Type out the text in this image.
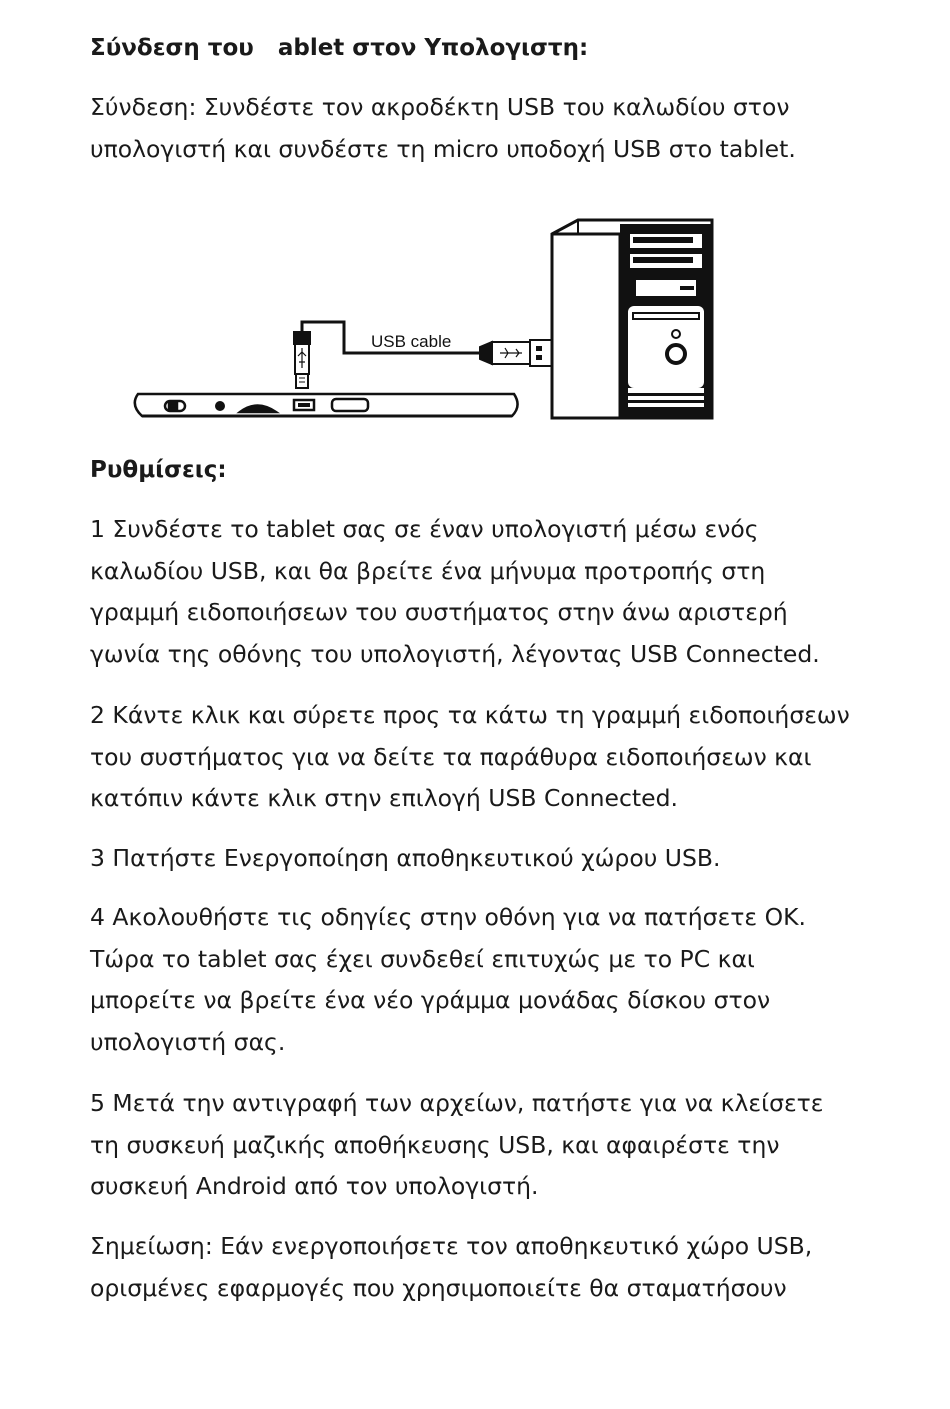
Σύνδεση του   ablet στον Υπολογιστη:

Σύνδεση: Συνδέστε τον ακροδέκτη USB του καλωδίου στον
υπολογιστή και συνδέστε τη micro υποδοχή USB στο tablet.

Ρυθμίσεις:

1 Συνδέστε το tablet σας σε έναν υπολογιστή μέσω ενός
καλωδίου USB, και θα βρείτε ένα μήνυμα προτροπής στη
γραμμή ειδοποιήσεων του συστήματος στην άνω αριστερή
γωνία της οθόνης του υπολογιστή, λέγοντας USB Connected.

2 Κάντε κλικ και σύρετε προς τα κάτω τη γραμμή ειδοποιήσεων
του συστήματος για να δείτε τα παράθυρα ειδοποιήσεων και
κατόπιν κάντε κλικ στην επιλογή USB Connected.

3 Πατήστε Ενεργοποίηση αποθηκευτικού χώρου USB.

4 Ακολουθήστε τις οδηγίες στην οθόνη για να πατήσετε ΟΚ.
Τώρα το tablet σας έχει συνδεθεί επιτυχώς με το PC και
μπορείτε να βρείτε ένα νέο γράμμα μονάδας δίσκου στον
υπολογιστή σας.

5 Μετά την αντιγραφή των αρχείων, πατήστε για να κλείσετε
τη συσκευή μαζικής αποθήκευσης USB, και αφαιρέστε την
συσκευή Android από τον υπολογιστή.

Σημείωση: Εάν ενεργοποιήσετε τον αποθηκευτικό χώρο USB,
ορισμένες εφαρμογές που χρησιμοποιείτε θα σταματήσουν

USB cable
